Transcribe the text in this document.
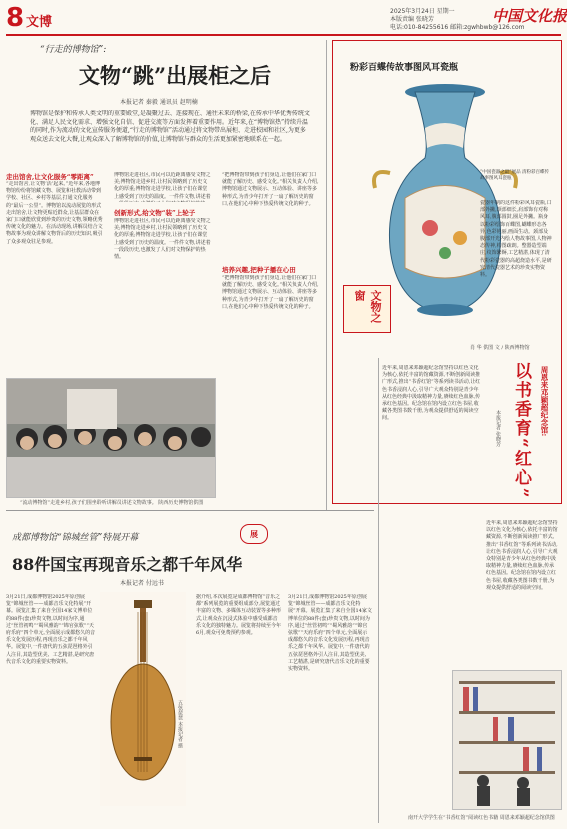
8 文博
2025年3月24日 星期一
本版责编 张晓芳
电话:010-84255616 邮箱:zgwhbwb@126.com
中国文化报
“行走的博物馆”:
文物“跳”出展柜之后
本报记者 秦毅 通讯员 赵明楠
博物馆是保护和传承人类文明的重要殿堂,是凝聚过去、连接现在、通往未来的桥梁,在传承中华优秀传统文化、满足人民文化需求、增强文化自信、促进交流等方面发挥着重要作用。近年来,在“博物馆热”持续升温的同时,作为流动的文化宣传服务便道,“行走的博物馆”活动通过将文物带出展柜、走进校园和社区,为更多观众送去文化大餐,让观众深入了解博物馆的价值,让博物馆与群众的生活更加紧密地联系在一起。
走出馆舍,让文化服务“零距离”
“走出馆舍,让文物‘活’起来。”近年来,各地博物馆纷纷将馆藏文物、展览和社教活动带到学校、社区、乡村等基层,打通文化服务的“最后一公里”。博物馆以流动展览的形式走出馆舍,让文物更贴近群众,让基层群众在家门口就能欣赏到珍贵的历史文物,领略优秀传统文化的魅力。在活动现场,讲解员结合文物故事为观众讲解文物背后的历史知识,吸引了众多观众驻足参观。
博物馆走进社区,市民可以近距离感受文物之美;博物馆走进乡村,让村民领略到了历史文化的厚重;博物馆走进学校,让孩子们在课堂上感受到了历史的温度。一件件文物,讲述着
创新形式,给文物“装”上轮子
博物馆走进社区,市民可以近距离感受文物之美;博物馆走进乡村,让村民领略到了历史文化的厚重;博物馆走进学校,让孩子们在课堂上感受到了历史的温度。一件件文物,讲述着一段段历史,也激发了人们对文物保护的热情。
“把博物馆带到孩子们身边,让他们在家门口就能了解历史、感受文化。”相关负责人介绍,博物馆通过文物展示、互动体验、讲座等多种形式,为青少年打开了一扇了解历史的窗口,在他们心中种下热爱传统文化的种子。
培养兴趣,把种子播在心田
“把博物馆带到孩子们身边,让他们在家门口就能了解历史、感受文化。”相关负责人介绍,博物馆通过文物展示、互动体验、讲座等多种形式,为青少年打开了一扇了解历史的窗口,在他们心中种下热爱传统文化的种子。
“流动博物馆”走进乡村,孩子们围坐聆听讲解员讲述文物故事。 陕西历史博物馆供图
粉彩百蝶传故事图风耳瓷瓶
文物之窗
“中国瓷器之最”展品 清粉彩百蝶传故事图风耳瓷瓶
瓷器年制的这件粉彩风耳瓷瓶,口部外撇,颈部细长,肩部饰有对称风耳,腹部圆鼓,圈足外撇。瓶身以粉彩绘饰百蝶图,蝴蝶形态各异,色彩艳丽,画面生动。颈部及腹部开光内绘人物故事图,人物神态传神,构图疏朗。整器造型端庄,纹饰繁缛,工艺精湛,体现了清代粉彩瓷器的高超烧造水平,是研究清代瓷器艺术的珍贵实物资料。
肖 华 供图 文 / 陕西博物馆
周恩来邓颖超纪念馆:
以书香育“红心”
本报记者 张晓芳
近年来,周恩来邓颖超纪念馆坚持以红色文化为核心,依托丰富的馆藏资源,不断创新阅读推广形式,推出“书香红馆”等系列读书活动,让红色书香浸润人心,引导广大观众特别是青少年从红色经典中汲取精神力量,赓续红色血脉,传承红色基因。纪念馆在馆内设立红色书屋,收藏各类图书数千册,为观众提供舒适的阅读空间。
近年来,周恩来邓颖超纪念馆坚持以红色文化为核心,依托丰富的馆藏资源,不断创新阅读推广形式,推出“书香红馆”等系列读书活动,让红色书香浸润人心,引导广大观众特别是青少年从红色经典中汲取精神力量,赓续红色血脉,传承红色基因。纪念馆在馆内设立红色书屋,收藏各类图书数千册,为观众提供舒适的阅读空间。
南开大学学生在“书香红馆”阅读红色书籍 周恩来邓颖超纪念馆供图
成都博物馆“锦城丝管”特展开幕	展
88件国宝再现音乐之都千年风华
本报记者 付远书
3月21日,成都博物馆2025年原创展览“锦城丝管——成都音乐文化特展”开幕。展览汇集了来自全国14家文博单位的88件(套)珍贵文物,以时间为序,通过“丝管初鸣”“蜀风雅韵”“锦官弦歌”“天府乐府”四个单元,全面展示成都悠久的音乐文化发展历程,再现音乐之都千年风华。展览中,一件唐代的五弦琵琶格外引人注目,其造型优美、工艺精湛,是研究唐代音乐文化的重要实物资料。
五弦琵琶 本报记者 摄
据介绍,本次展览是成都博物馆“音乐之都”系列展览的重要组成部分,展览通过丰富的文物、多媒体互动装置等多种形式,让观众在沉浸式体验中感受成都音乐文化的独特魅力。展览将持续至今年6月,观众可免费预约参观。
3月21日,成都博物馆2025年原创展览“锦城丝管——成都音乐文化特展”开幕。展览汇集了来自全国14家文博单位的88件(套)珍贵文物,以时间为序,通过“丝管初鸣”“蜀风雅韵”“锦官弦歌”“天府乐府”四个单元,全面展示成都悠久的音乐文化发展历程,再现音乐之都千年风华。展览中,一件唐代的五弦琵琶格外引人注目,其造型优美、工艺精湛,是研究唐代音乐文化的重要实物资料。
